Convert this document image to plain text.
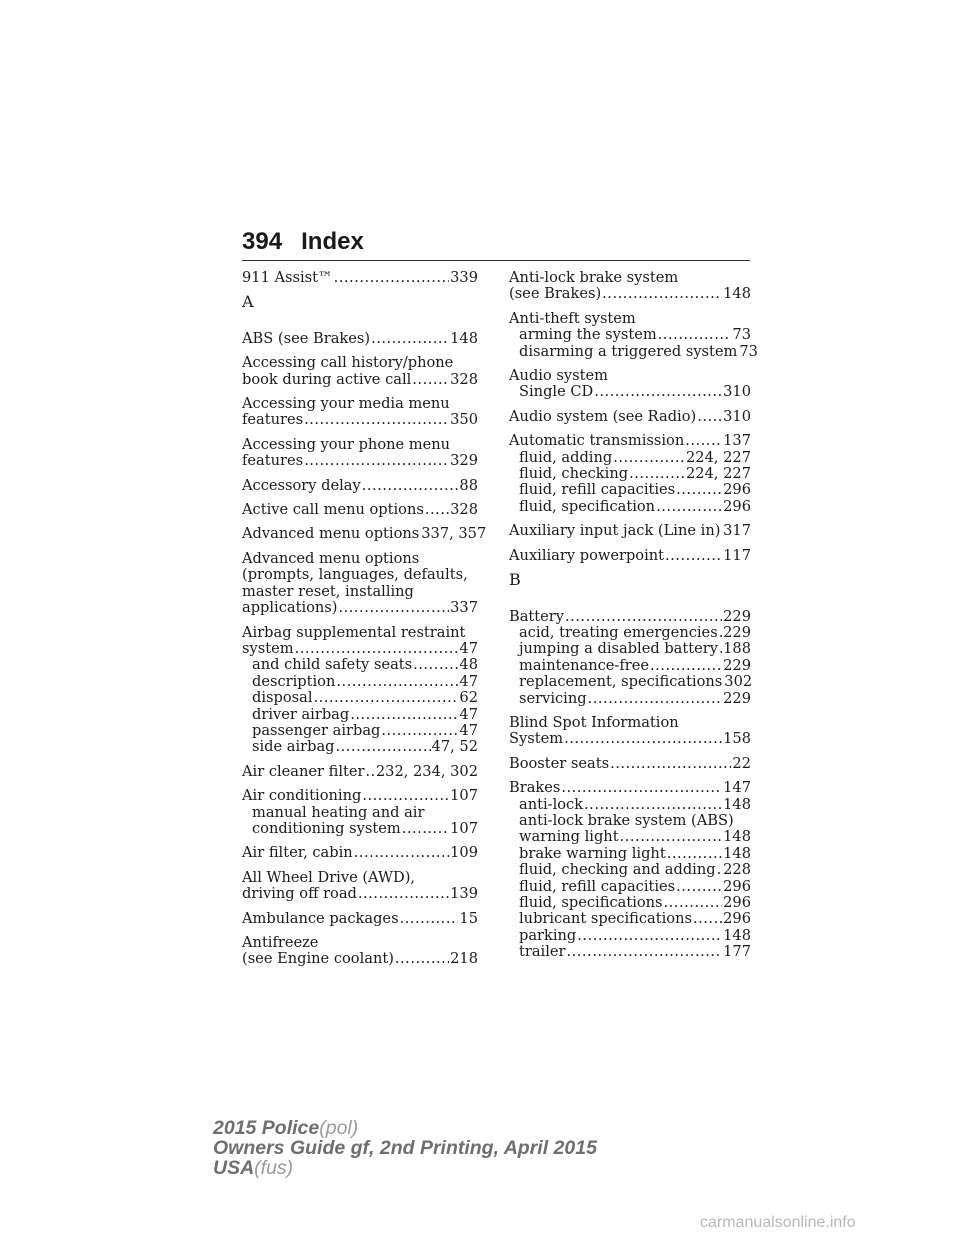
394 Index
911 Assist™ .....	339
A
ABS (see Brakes) .....	148
Accessing call history/phone
book during active call .....	328
Accessing your media menu
features .....	350
Accessing your phone menu
features .....	329
Accessory delay .....	88
Active call menu options ..... 328
Advanced menu options 337, 357
Advanced menu options
(prompts, languages, defaults,
master reset, installing
applications) .....	337
Airbag supplemental restraint
system .....	47
and child safety seats .....	48
description .....	47
disposal .....	62
driver airbag .....	47
passenger airbag .....	47
side airbag .....	47, 52
Air cleaner filter ..... 232, 234, 302
Air conditioning .....	107
manual heating and air
conditioning system .....	107
Air filter, cabin .....	109
All Wheel Drive (AWD),
driving off road .....	139
Ambulance packages .....	15
Antifreeze
(see Engine coolant) .....	218
Anti-lock brake system
(see Brakes) .....	148
Anti-theft system
arming the system .....	73
disarming a triggered system 73
Audio system
Single CD .....	310
Audio system (see Radio) ..... 310
Automatic transmission .....	137
fluid, adding .....	224, 227
fluid, checking .....	224, 227
fluid, refill capacities .....	296
fluid, specification .....	296
Auxiliary input jack (Line in) ..... 317
Auxiliary powerpoint .....	117
B
Battery .....	229
acid, treating emergencies ..... 229
jumping a disabled battery ..... 188
maintenance-free .....	229
replacement, specifications 302
servicing .....	229
Blind Spot Information
System .....	158
Booster seats .....	22
Brakes .....	147
anti-lock .....	148
anti-lock brake system (ABS)
warning light .....	148
brake warning light .....	148
fluid, checking and adding ..... 228
fluid, refill capacities .....	296
fluid, specifications .....	296
lubricant specifications ..... 296
parking .....	148
trailer .....	177
2015 Police(pol)
Owners Guide gf, 2nd Printing, April 2015
USA(fus)
carmanualsonline.info
